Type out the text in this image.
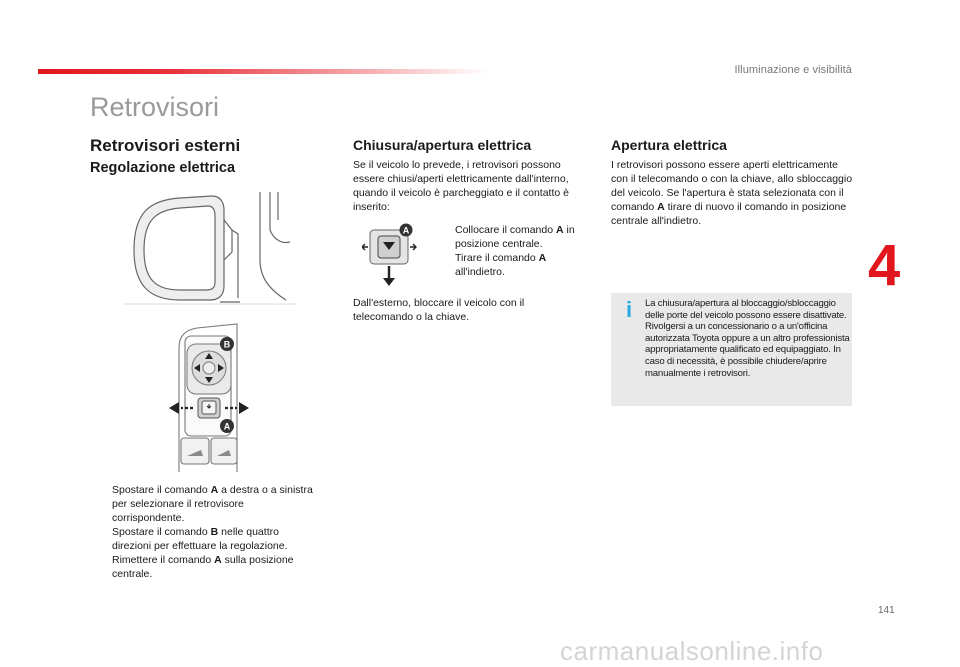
Illuminazione e visibilità
Retrovisori
4
Retrovisori esterni
Regolazione elettrica
B
A
Spostare il comando A a destra o a sinistra per selezionare il retrovisore corrispondente.
Spostare il comando B nelle quattro direzioni per effettuare la regolazione.
Rimettere il comando A sulla posizione centrale.
Chiusura/apertura elettrica

Se il veicolo lo prevede, i retrovisori possono essere chiusi/aperti elettricamente dall'interno, quando il veicolo è parcheggiato e il contatto è inserito:

A	Collocare il comando A in posizione centrale.
Tirare il comando A all'indietro.

Dall'esterno, bloccare il veicolo con il telecomando o la chiave.

Apertura elettrica

I retrovisori possono essere aperti elettricamente con il telecomando o con la chiave, allo sbloccaggio del veicolo. Se l'apertura è stata selezionata con il comando A tirare di nuovo il comando in posizione centrale all'indietro.

i	La chiusura/apertura al bloccaggio/sbloccaggio delle porte del veicolo possono essere disattivate. Rivolgersi a un concessionario o a un'officina autorizzata Toyota oppure a un altro professionista appropriatamente qualificato ed equipaggiato. In caso di necessità, è possibile chiudere/aprire manualmente i retrovisori.

141
carmanualsonline.info
